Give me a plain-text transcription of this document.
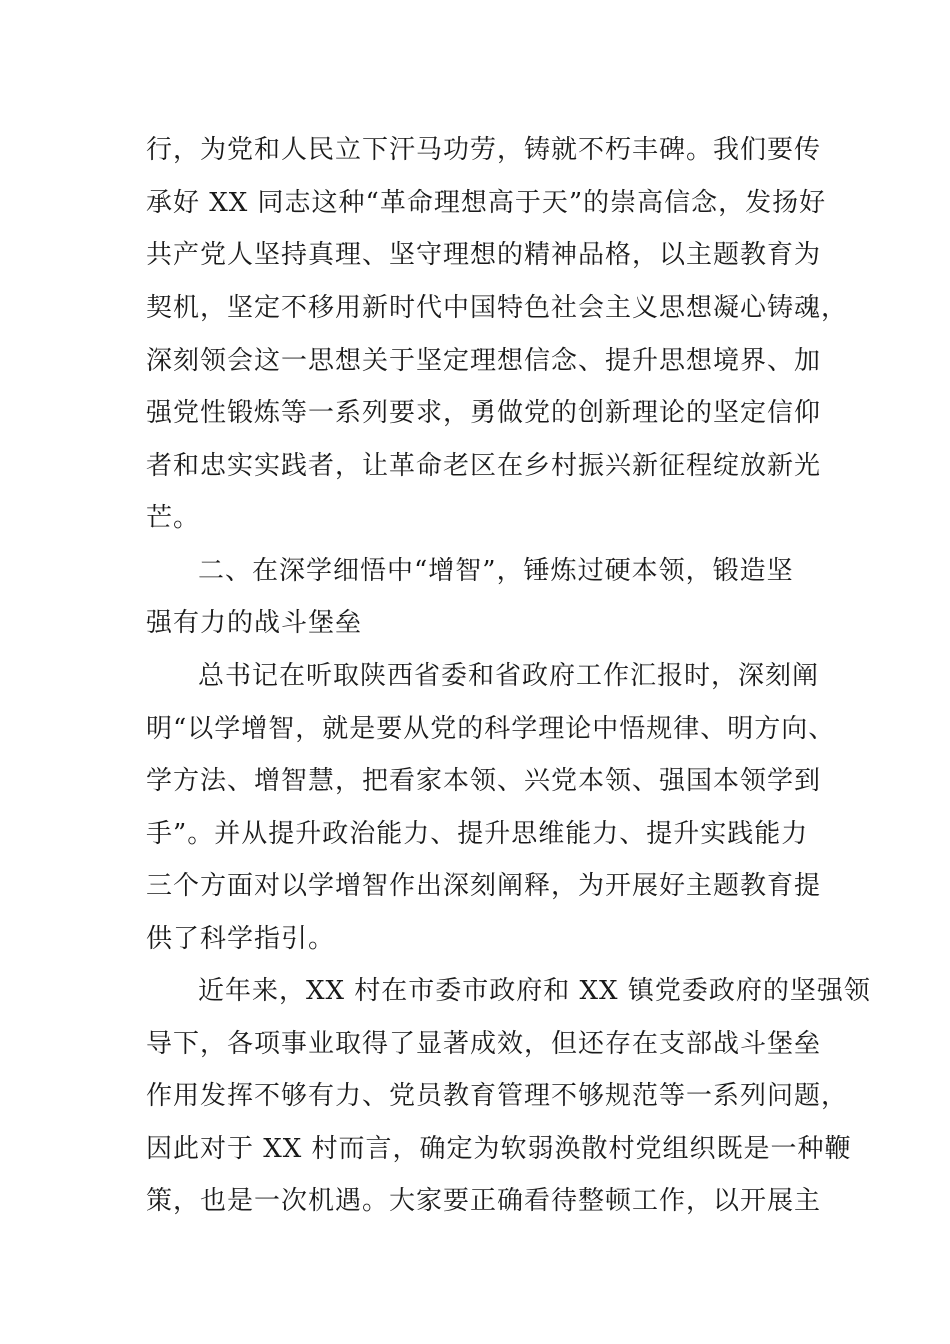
行，为党和人民立下汗马功劳，铸就不朽丰碑。我们要传
承好 XX 同志这种“革命理想高于天”的崇高信念，发扬好
共产党人坚持真理、坚守理想的精神品格，以主题教育为
契机，坚定不移用新时代中国特色社会主义思想凝心铸魂，
深刻领会这一思想关于坚定理想信念、提升思想境界、加
强党性锻炼等一系列要求，勇做党的创新理论的坚定信仰
者和忠实实践者，让革命老区在乡村振兴新征程绽放新光
芒。
二、在深学细悟中“增智”，锤炼过硬本领，锻造坚
强有力的战斗堡垒
总书记在听取陕西省委和省政府工作汇报时，深刻阐
明“以学增智，就是要从党的科学理论中悟规律、明方向、
学方法、增智慧，把看家本领、兴党本领、强国本领学到
手”。并从提升政治能力、提升思维能力、提升实践能力
三个方面对以学增智作出深刻阐释，为开展好主题教育提
供了科学指引。
近年来，XX 村在市委市政府和 XX 镇党委政府的坚强领
导下，各项事业取得了显著成效，但还存在支部战斗堡垒
作用发挥不够有力、党员教育管理不够规范等一系列问题，
因此对于 XX 村而言，确定为软弱涣散村党组织既是一种鞭
策，也是一次机遇。大家要正确看待整顿工作，以开展主
